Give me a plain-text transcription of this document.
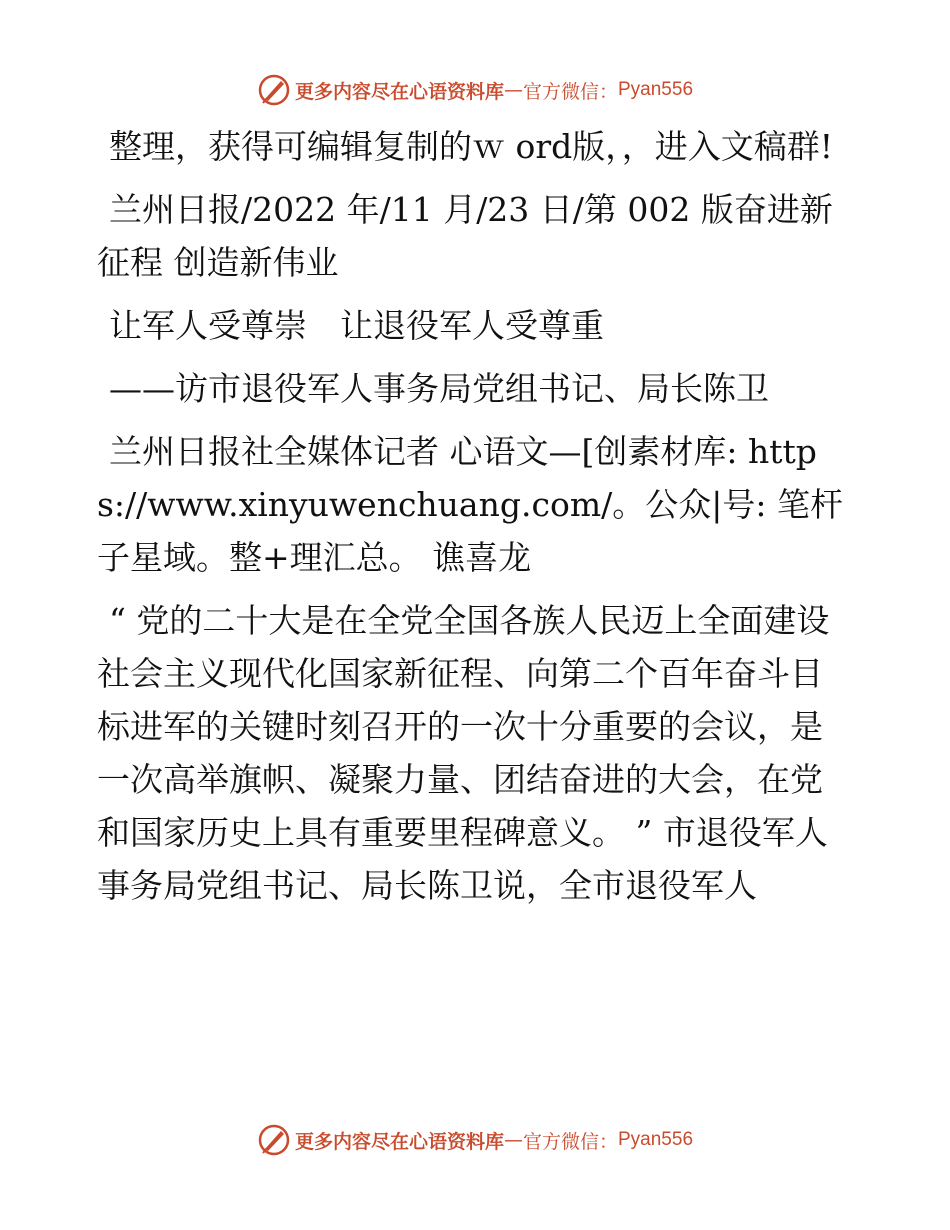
更多内容尽在心语资料库 — 官方微信： Pyan556

整理，获得可编辑复制的ｗ ord版，，进入文稿群!

兰州日报/2022 年/11 月/23 日/第 002 版奋进新征程 创造新伟业

让军人受尊崇　让退役军人受尊重

——访市退役军人事务局党组书记、局长陈卫

兰州日报社全媒体记者 心语文—[创素材库: https://www.xinyuwenchuang.com/。公众|号: 笔杆子星域。整+理汇总。 谯喜龙

“ 党的二十大是在全党全国各族人民迈上全面建设社会主义现代化国家新征程、向第二个百年奋斗目标进军的关键时刻召开的一次十分重要的会议，是一次高举旗帜、凝聚力量、团结奋进的大会，在党和国家历史上具有重要里程碑意义。 ” 市退役军人事务局党组书记、局长陈卫说，全市退役军人

更多内容尽在心语资料库 — 官方微信： Pyan556
